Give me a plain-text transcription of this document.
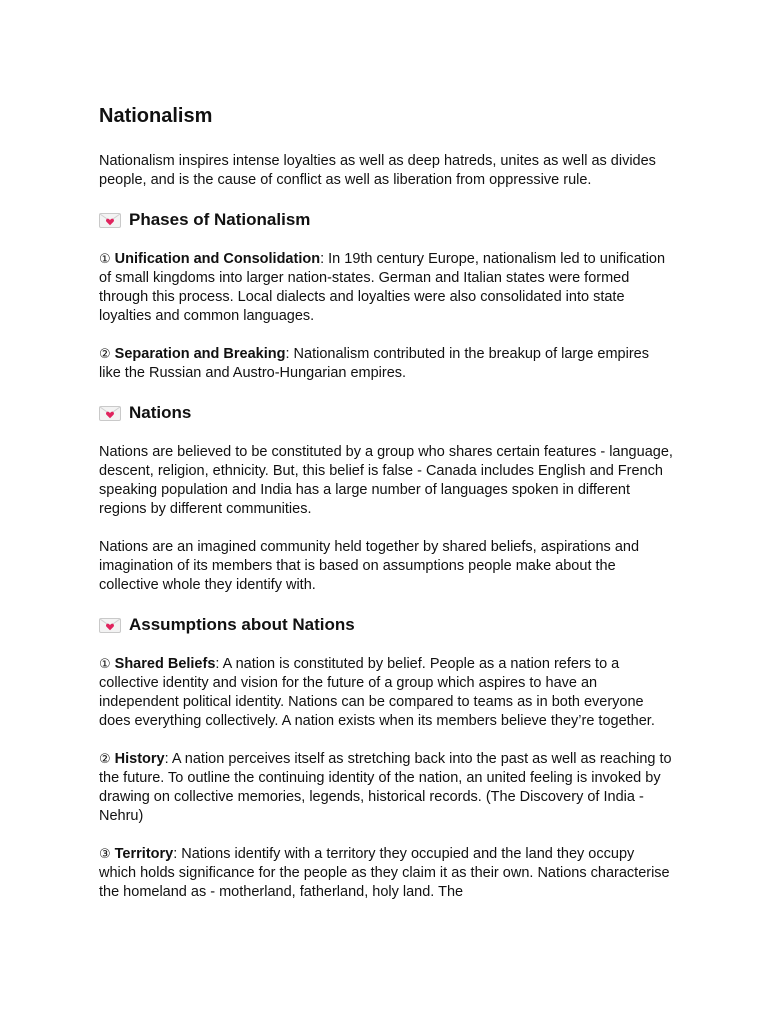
Nationalism

Nationalism inspires intense loyalties as well as deep hatreds, unites as well as divides people, and is the cause of conflict as well as liberation from oppressive rule.

Phases of Nationalism

① Unification and Consolidation: In 19th century Europe, nationalism led to unification of small kingdoms into larger nation-states. German and Italian states were formed through this process. Local dialects and loyalties were also consolidated into state loyalties and common languages.

② Separation and Breaking: Nationalism contributed in the breakup of large empires like the Russian and Austro-Hungarian empires.

Nations

Nations are believed to be constituted by a group who shares certain features - language, descent, religion, ethnicity. But, this belief is false - Canada includes English and French speaking population and India has a large number of languages spoken in different regions by different communities.

Nations are an imagined community held together by shared beliefs, aspirations and imagination of its members that is based on assumptions people make about the collective whole they identify with.

Assumptions about Nations

① Shared Beliefs: A nation is constituted by belief. People as a nation refers to a collective identity and vision for the future of a group which aspires to have an independent political identity. Nations can be compared to teams as in both everyone does everything collectively. A nation exists when its members believe they’re together.

② History: A nation perceives itself as stretching back into the past as well as reaching to the future. To outline the continuing identity of the nation, an united feeling is invoked by drawing on collective memories, legends, historical records. (The Discovery of India - Nehru)

③ Territory: Nations identify with a territory they occupied and the land they occupy which holds significance for the people as they claim it as their own. Nations characterise the homeland as - motherland, fatherland, holy land. The
